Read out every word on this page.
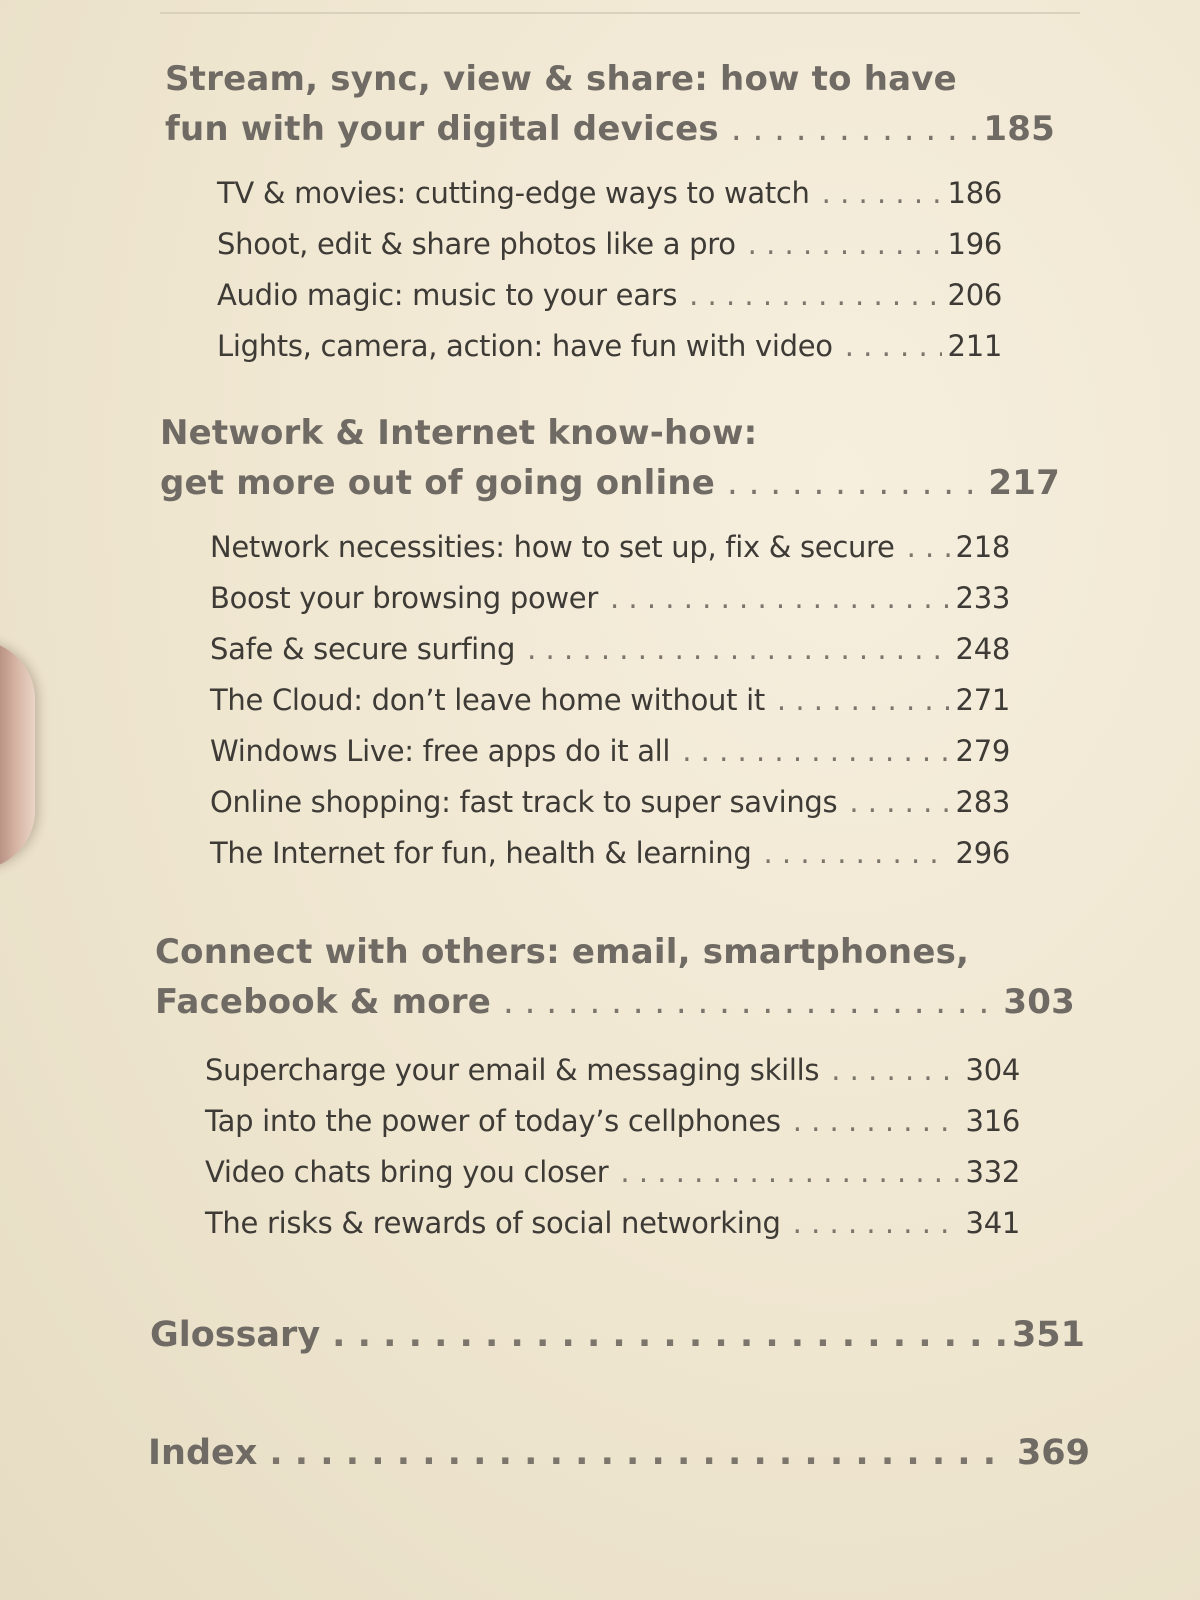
Stream, sync, view & share: how to have
fun with your digital devices . . .	185
TV & movies: cutting-edge ways to watch . . .	186
Shoot, edit & share photos like a pro . . .	196
Audio magic: music to your ears . . .	206
Lights, camera, action: have fun with video . . .	211
Network & Internet know-how:
get more out of going online . . .	217
Network necessities: how to set up, fix & secure . . . 218
Boost your browsing power . . .	233
Safe & secure surfing . . .	248
The Cloud: don’t leave home without it . . .	271
Windows Live: free apps do it all . . .	279
Online shopping: fast track to super savings . . .	283
The Internet for fun, health & learning . . .	296
Connect with others: email, smartphones,
Facebook & more . . .	303
Supercharge your email & messaging skills . . .	304
Tap into the power of today’s cellphones . . .	316
Video chats bring you closer . . .	332
The risks & rewards of social networking . . .	341
Glossary . . .	351
Index . . .	369
